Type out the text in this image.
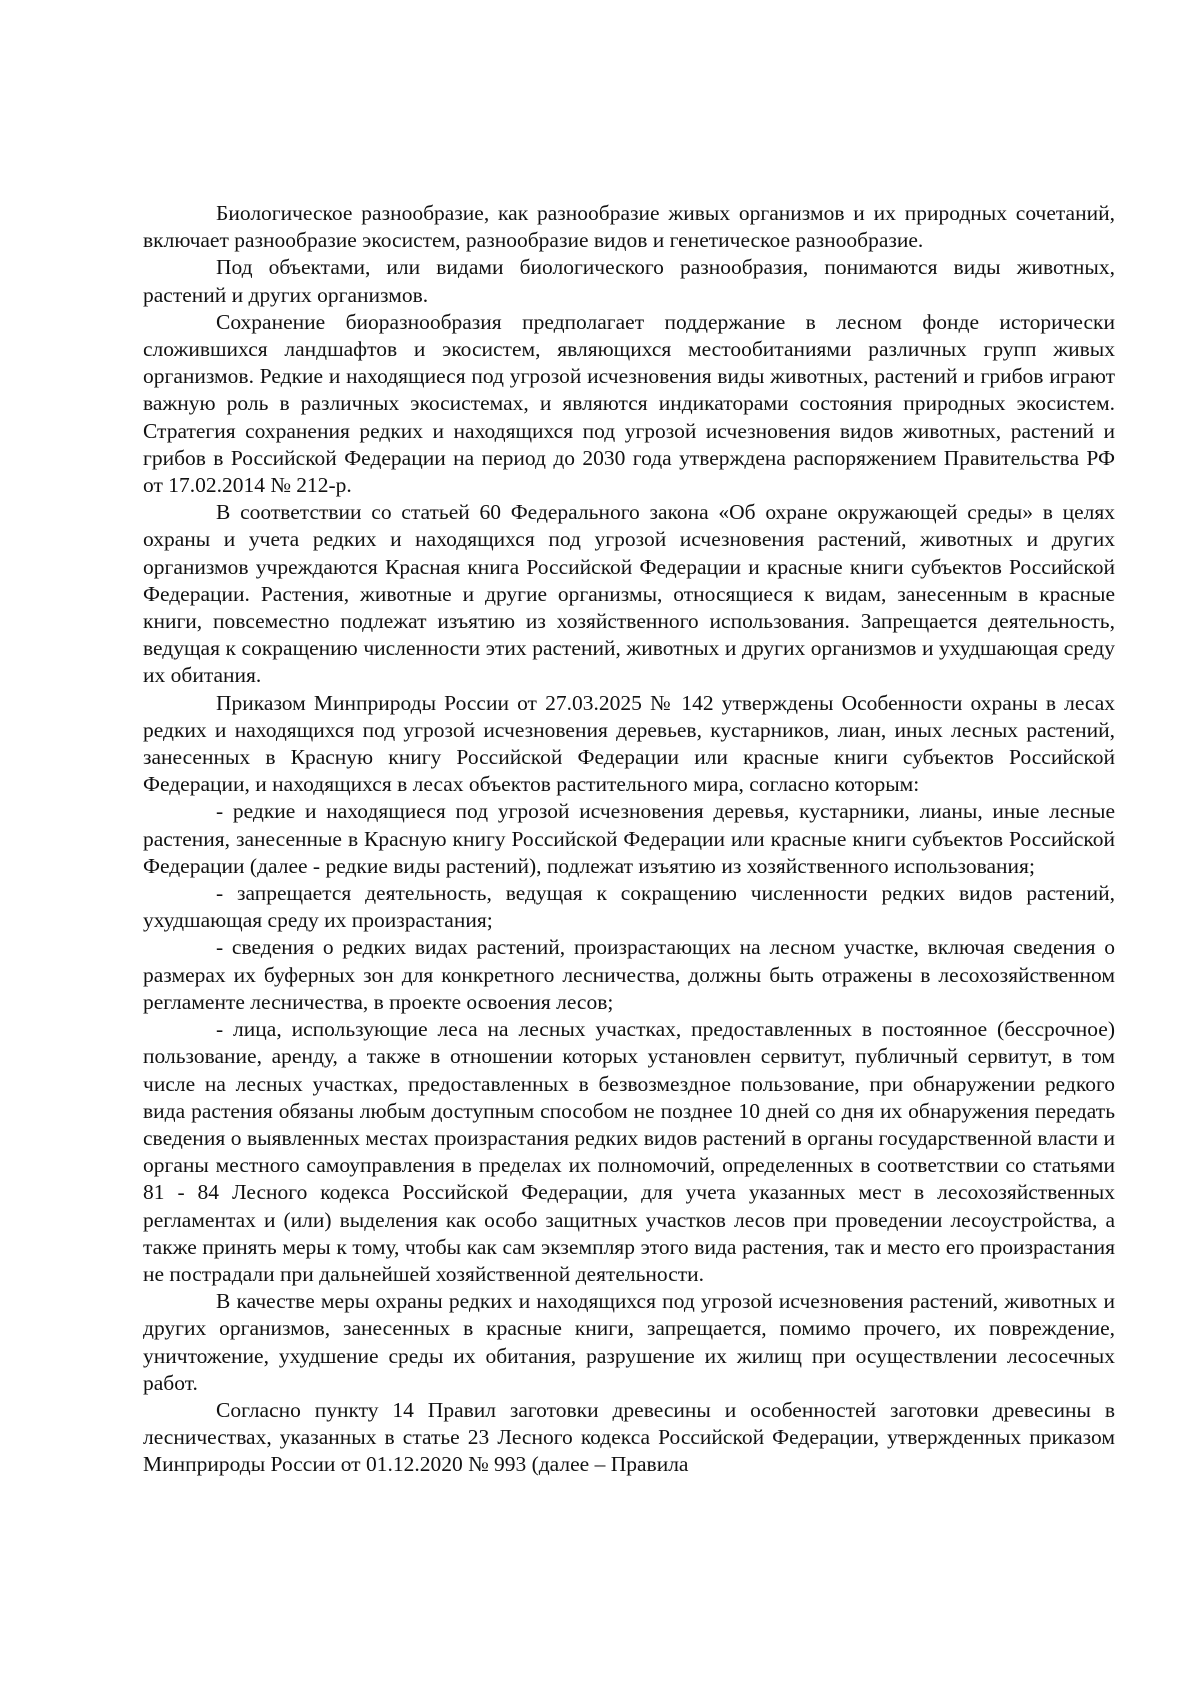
Биологическое разнообразие, как разнообразие живых организмов и их природных сочетаний, включает разнообразие экосистем, разнообразие видов и генетическое разнообразие.

Под объектами, или видами биологического разнообразия, понимаются виды животных, растений и других организмов.

Сохранение биоразнообразия предполагает поддержание в лесном фонде исторически сложившихся ландшафтов и экосистем, являющихся местообитаниями различных групп живых организмов. Редкие и находящиеся под угрозой исчезновения виды животных, растений и грибов играют важную роль в различных экосистемах, и являются индикаторами состояния природных экосистем. Стратегия сохранения редких и находящихся под угрозой исчезновения видов животных, растений и грибов в Российской Федерации на период до 2030 года утверждена распоряжением Правительства РФ от 17.02.2014 № 212-р.

В соответствии со статьей 60 Федерального закона «Об охране окружающей среды» в целях охраны и учета редких и находящихся под угрозой исчезновения растений, животных и других организмов учреждаются Красная книга Российской Федерации и красные книги субъектов Российской Федерации. Растения, животные и другие организмы, относящиеся к видам, занесенным в красные книги, повсеместно подлежат изъятию из хозяйственного использования. Запрещается деятельность, ведущая к сокращению численности этих растений, животных и других организмов и ухудшающая среду их обитания.

Приказом Минприроды России от 27.03.2025 № 142 утверждены Особенности охраны в лесах редких и находящихся под угрозой исчезновения деревьев, кустарников, лиан, иных лесных растений, занесенных в Красную книгу Российской Федерации или красные книги субъектов Российской Федерации, и находящихся в лесах объектов растительного мира, согласно которым:

- редкие и находящиеся под угрозой исчезновения деревья, кустарники, лианы, иные лесные растения, занесенные в Красную книгу Российской Федерации или красные книги субъектов Российской Федерации (далее - редкие виды растений), подлежат изъятию из хозяйственного использования;

- запрещается деятельность, ведущая к сокращению численности редких видов растений, ухудшающая среду их произрастания;

- сведения о редких видах растений, произрастающих на лесном участке, включая сведения о размерах их буферных зон для конкретного лесничества, должны быть отражены в лесохозяйственном регламенте лесничества, в проекте освоения лесов;

- лица, использующие леса на лесных участках, предоставленных в постоянное (бессрочное) пользование, аренду, а также в отношении которых установлен сервитут, публичный сервитут, в том числе на лесных участках, предоставленных в безвозмездное пользование, при обнаружении редкого вида растения обязаны любым доступным способом не позднее 10 дней со дня их обнаружения передать сведения о выявленных местах произрастания редких видов растений в органы государственной власти и органы местного самоуправления в пределах их полномочий, определенных в соответствии со статьями 81 - 84 Лесного кодекса Российской Федерации, для учета указанных мест в лесохозяйственных регламентах и (или) выделения как особо защитных участков лесов при проведении лесоустройства, а также принять меры к тому, чтобы как сам экземпляр этого вида растения, так и место его произрастания не пострадали при дальнейшей хозяйственной деятельности.

В качестве меры охраны редких и находящихся под угрозой исчезновения растений, животных и других организмов, занесенных в красные книги, запрещается, помимо прочего, их повреждение, уничтожение, ухудшение среды их обитания, разрушение их жилищ при осуществлении лесосечных работ.

Согласно пункту 14 Правил заготовки древесины и особенностей заготовки древесины в лесничествах, указанных в статье 23 Лесного кодекса Российской Федерации, утвержденных приказом Минприроды России от 01.12.2020 № 993 (далее – Правила
